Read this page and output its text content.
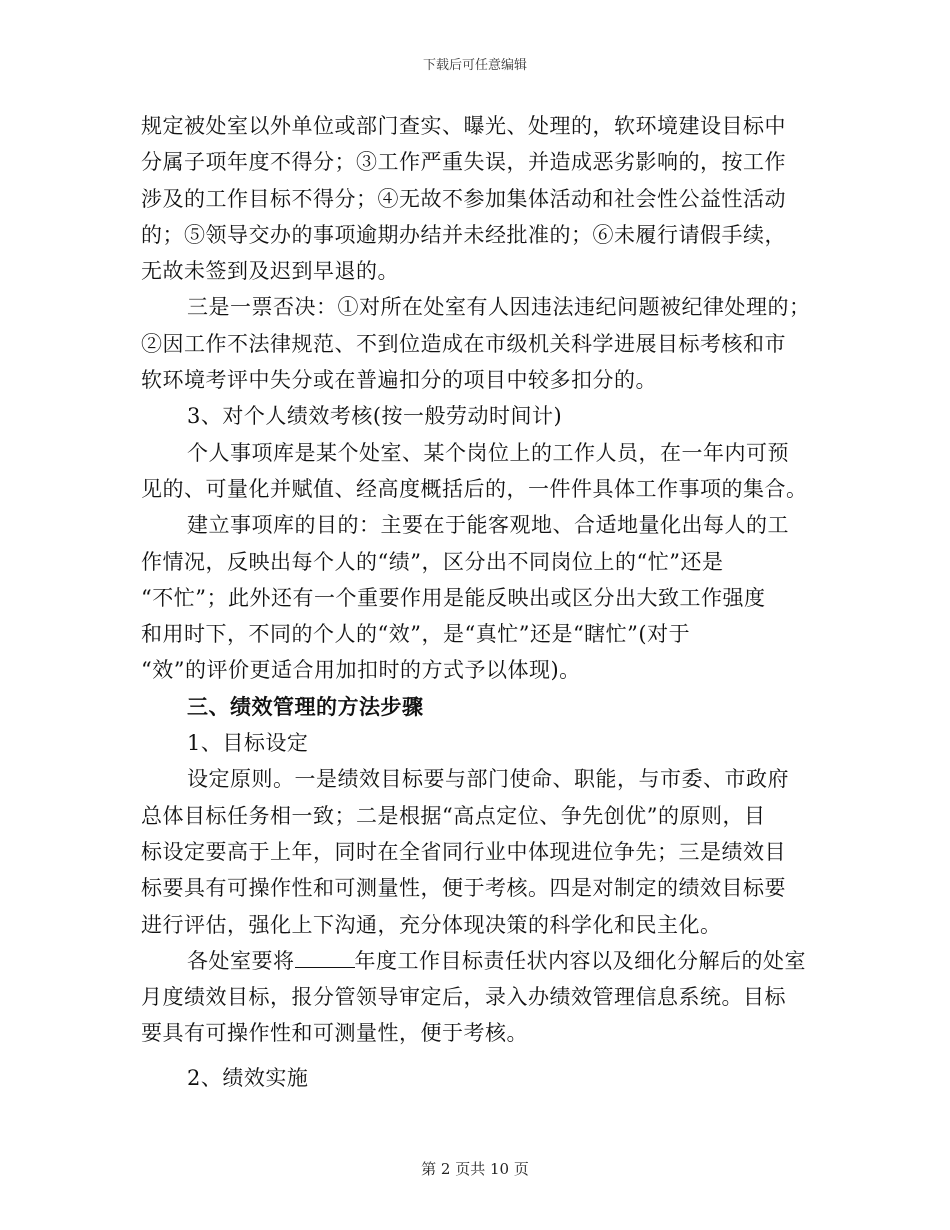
下载后可任意编辑
规定被处室以外单位或部门查实、曝光、处理的，软环境建设目标中
分属子项年度不得分；③工作严重失误，并造成恶劣影响的，按工作
涉及的工作目标不得分；④无故不参加集体活动和社会性公益性活动
的；⑤领导交办的事项逾期办结并未经批准的；⑥未履行请假手续，
无故未签到及迟到早退的。
三是一票否决：①对所在处室有人因违法违纪问题被纪律处理的；
②因工作不法律规范、不到位造成在市级机关科学进展目标考核和市
软环境考评中失分或在普遍扣分的项目中较多扣分的。
3、对个人绩效考核(按一般劳动时间计)
个人事项库是某个处室、某个岗位上的工作人员，在一年内可预
见的、可量化并赋值、经高度概括后的，一件件具体工作事项的集合。
建立事项库的目的：主要在于能客观地、合适地量化出每人的工
作情况，反映出每个人的“绩”，区分出不同岗位上的“忙”还是
“不忙”；此外还有一个重要作用是能反映出或区分出大致工作强度
和用时下，不同的个人的“效”，是“真忙”还是“瞎忙”(对于
“效”的评价更适合用加扣时的方式予以体现)。
三、绩效管理的方法步骤
1、目标设定
设定原则。一是绩效目标要与部门使命、职能，与市委、市政府
总体目标任务相一致；二是根据“高点定位、争先创优”的原则，目
标设定要高于上年，同时在全省同行业中体现进位争先；三是绩效目
标要具有可操作性和可测量性，便于考核。四是对制定的绩效目标要
进行评估，强化上下沟通，充分体现决策的科学化和民主化。
各处室要将	年度工作目标责任状内容以及细化分解后的处室
月度绩效目标，报分管领导审定后，录入办绩效管理信息系统。目标
要具有可操作性和可测量性，便于考核。
2、绩效实施
第 2 页共 10 页
